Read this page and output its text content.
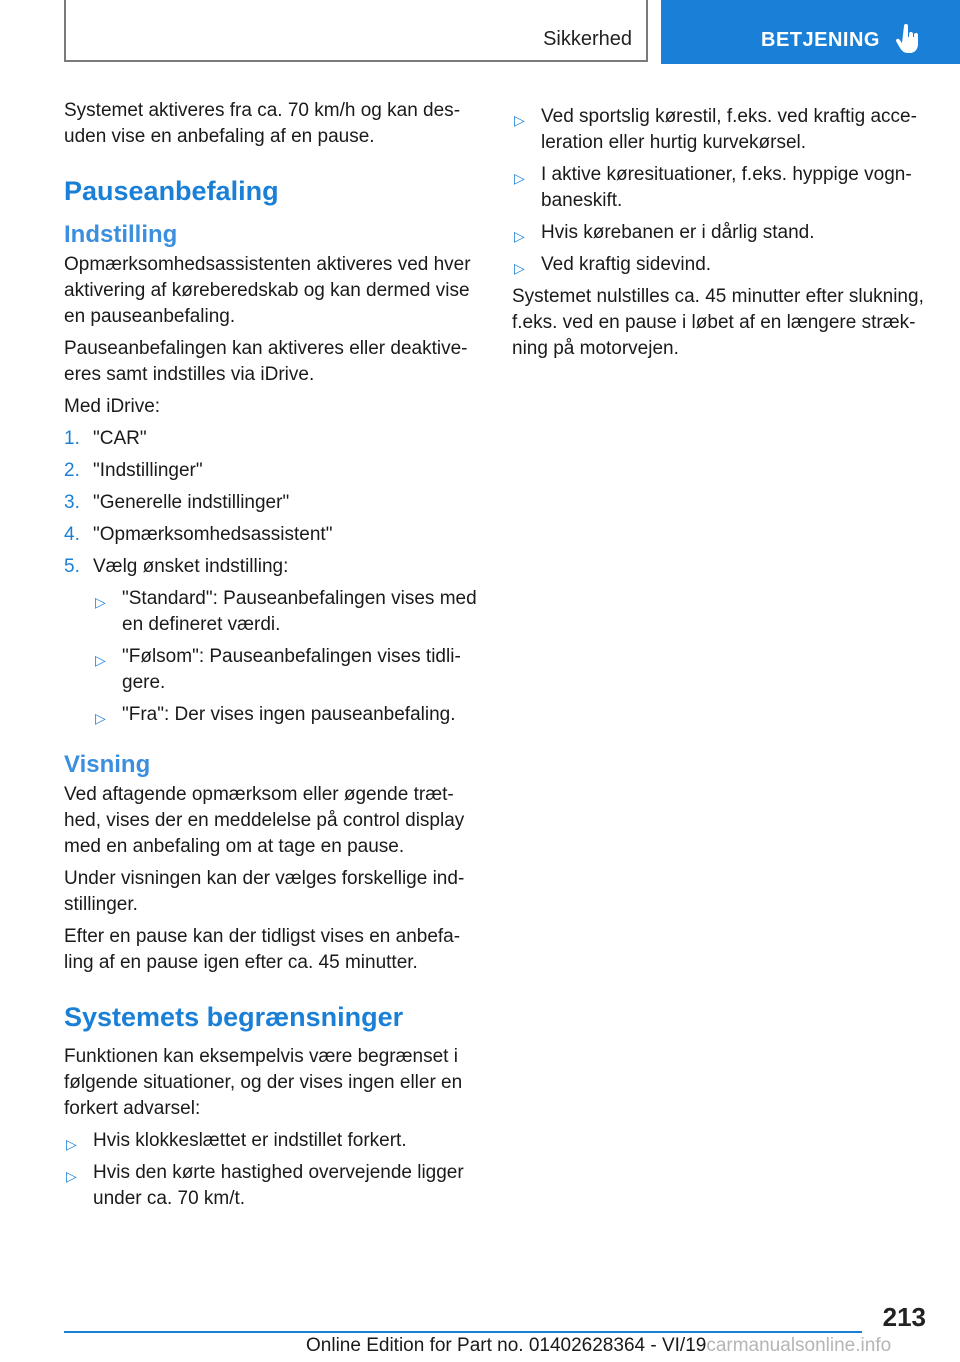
Sikkerhed	BETJENING

Systemet aktiveres fra ca. 70 km/h og kan desuden vise en anbefaling af en pause.

Pauseanbefaling
Indstilling

Opmærksomhedsassistenten aktiveres ved hver aktivering af køreberedskab og kan dermed vise en pauseanbefaling.

Pauseanbefalingen kan aktiveres eller deaktiveeres samt indstilles via iDrive.

Med iDrive:

1. "CAR"
2. "Indstillinger"
3. "Generelle indstillinger"
4. "Opmærksomhedsassistent"
5. Vælg ønsket indstilling:
▷ "Standard": Pauseanbefalingen vises med en defineret værdi.
▷ "Følsom": Pauseanbefalingen vises tidligere.
▷ "Fra": Der vises ingen pauseanbefaling.
Visning

Ved aftagende opmærksom eller øgende træthed, vises der en meddelelse på control display med en anbefaling om at tage en pause.

Under visningen kan der vælges forskellige indstillinger.

Efter en pause kan der tidligst vises en anbefaling af en pause igen efter ca. 45 minutter.

Systemets begrænsninger

Funktionen kan eksempelvis være begrænset i følgende situationer, og der vises ingen eller en forkert advarsel:

▷ Hvis klokkeslættet er indstillet forkert.
▷ Hvis den kørte hastighed overvejende ligger under ca. 70 km/t.
▷ Ved sportslig kørestil, f.eks. ved kraftig acceleration eller hurtig kurvekørsel.
▷ I aktive køresituationer, f.eks. hyppige vognbaneskift.
▷ Hvis kørebanen er i dårlig stand.
▷ Ved kraftig sidevind.

Systemet nulstilles ca. 45 minutter efter slukning, f.eks. ved en pause i løbet af en længere strækning på motorvejen.

213
Online Edition for Part no. 01402628364 - VI/19carmanualsonline.info
